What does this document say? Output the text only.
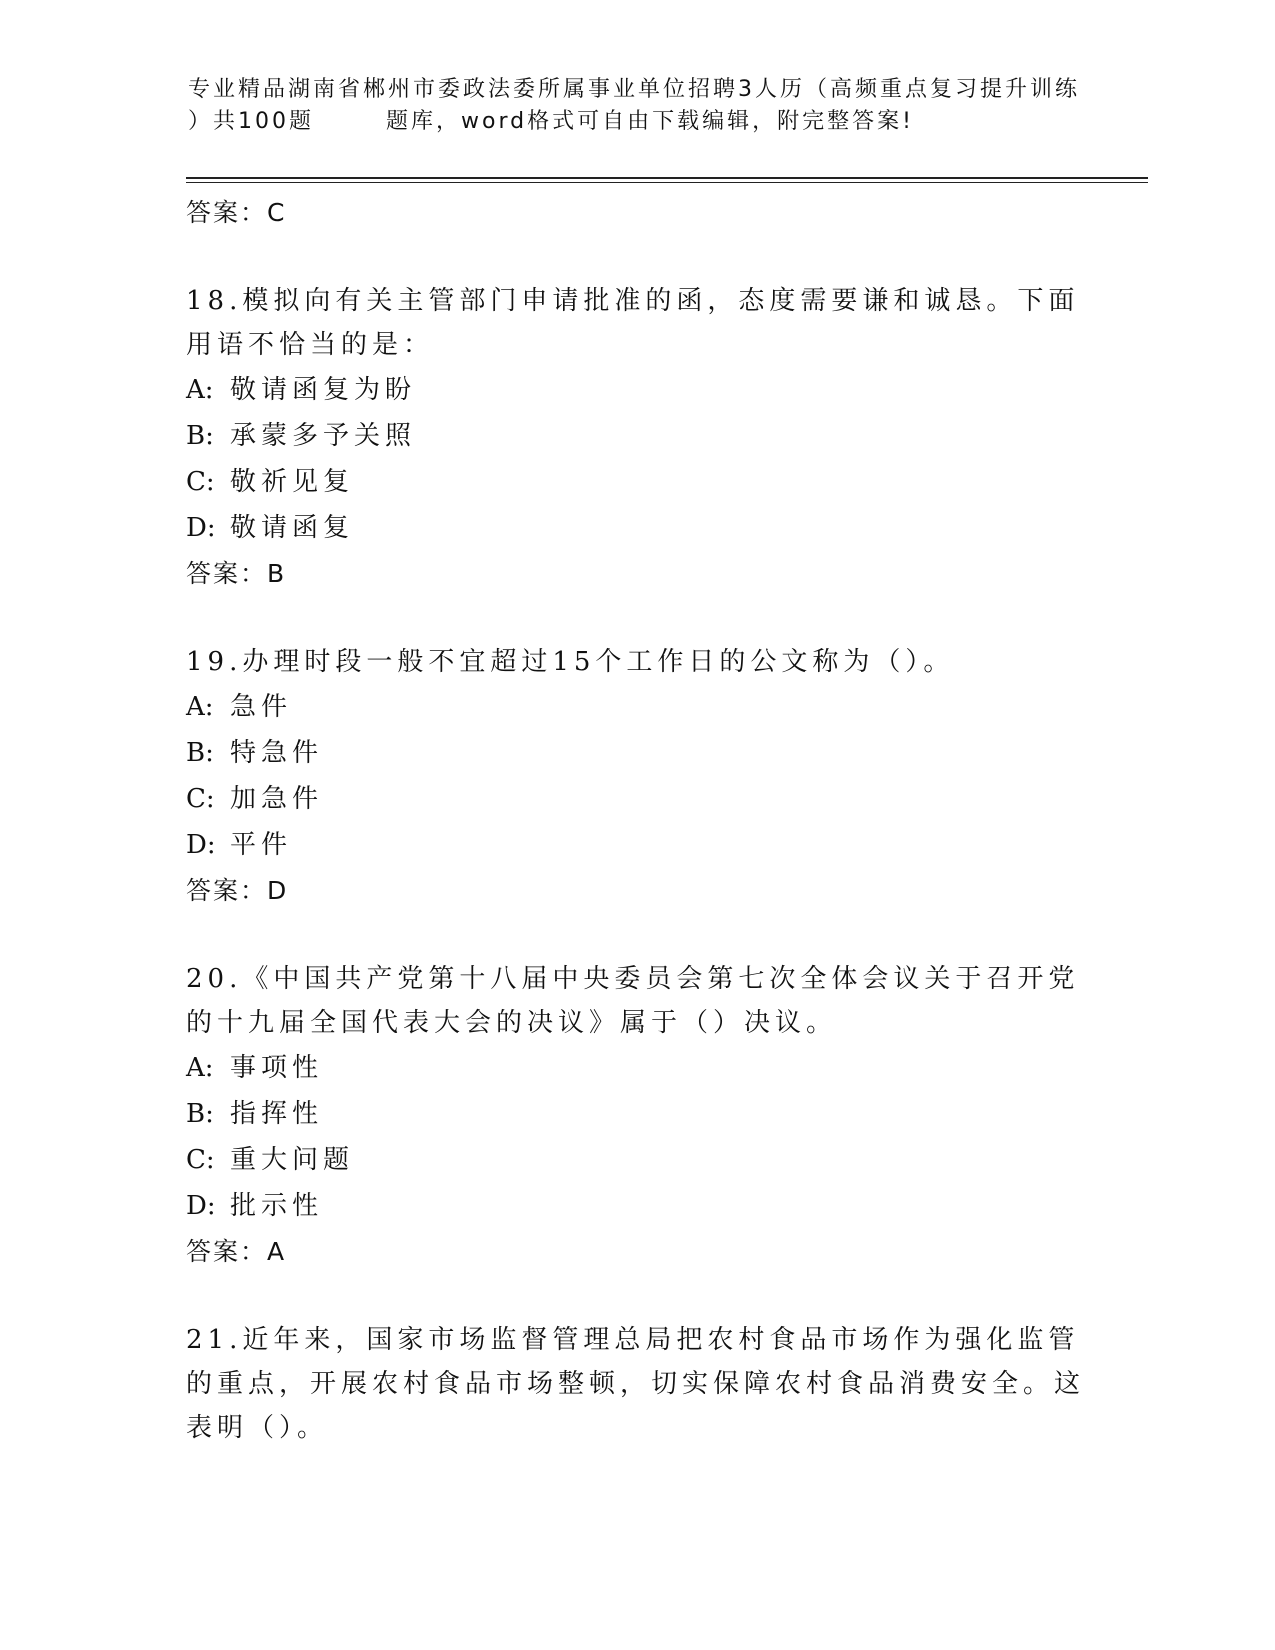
专业精品湖南省郴州市委政法委所属事业单位招聘3人历（高频重点复习提升训练
）共100题	题库，word格式可自由下载编辑，附完整答案!
答案：C
18.模拟向有关主管部门申请批准的函，态度需要谦和诚恳。下面用语不恰当的是：
A: 敬请函复为盼
B: 承蒙多予关照
C: 敬祈见复
D: 敬请函复
答案：B
19.办理时段一般不宜超过15个工作日的公文称为（）。
A: 急件
B: 特急件
C: 加急件
D: 平件
答案：D
20.《中国共产党第十八届中央委员会第七次全体会议关于召开党的十九届全国代表大会的决议》属于（）决议。
A: 事项性
B: 指挥性
C: 重大问题
D: 批示性
答案：A
21.近年来，国家市场监督管理总局把农村食品市场作为强化监管的重点，开展农村食品市场整顿，切实保障农村食品消费安全。这表明（）。
